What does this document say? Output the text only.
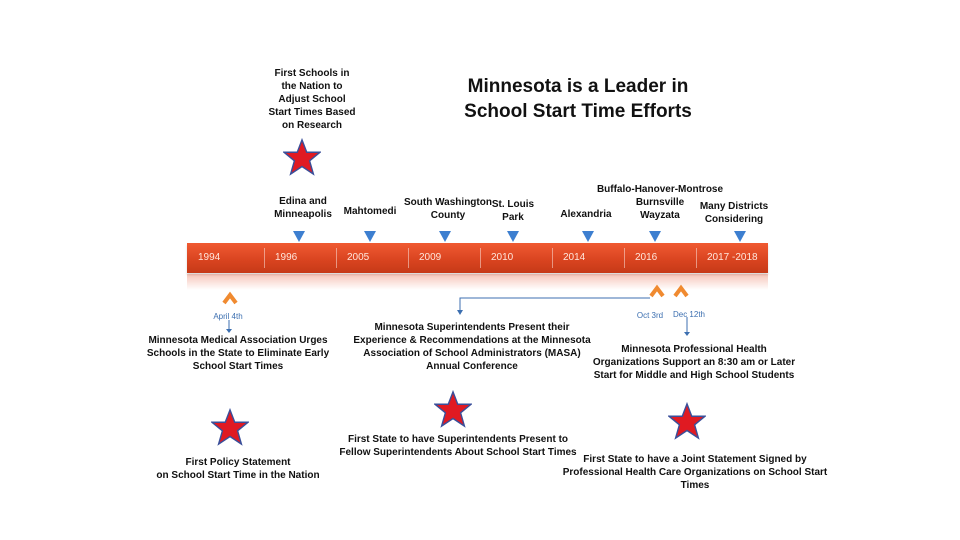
Minnesota is a Leader in
School Start Time Efforts
First Schools in
the Nation to
Adjust School
Start Times Based
on Research
Edina and
Minneapolis	Mahtomedi
South Washington
County
St. Louis
Park	Alexandria
Buffalo-Hanover-Montrose
Burnsville
Wayzata
Many Districts
Considering
1994	1996	2005	2009	2010	2014	2016	2017 -2018
April 4th	Oct 3rd	Dec 12th
Minnesota Medical Association Urges
Schools in the State to Eliminate Early
School Start Times
Minnesota Superintendents Present their
Experience & Recommendations at the Minnesota
Association of School Administrators (MASA)
Annual Conference
Minnesota Professional Health
Organizations Support an 8:30 am or Later
Start for Middle and High School Students
First Policy Statement
on School Start Time in the Nation
First State to have Superintendents Present to
Fellow Superintendents About School Start Times
First State to have a Joint Statement Signed by
Professional Health Care Organizations on School Start Times
